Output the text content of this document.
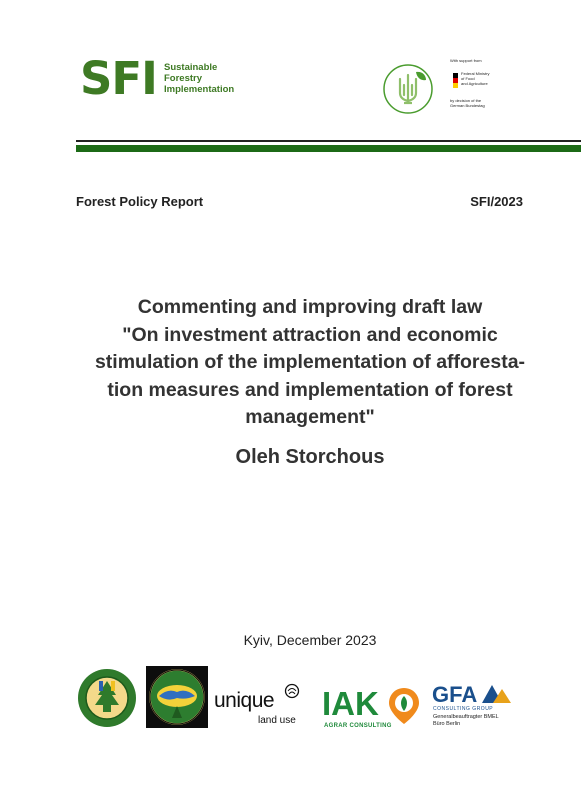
SFI Sustainable
Forestry
Implementation
With support from
Federal Ministry
of Food
and Agriculture
by decision of the
German Bundestag
Forest Policy Report	SFI/2023
Commenting and improving draft law
"On investment attraction and economic
stimulation of the implementation of afforesta-
tion measures and implementation of forest
management"
Oleh Storchous
Kyiv, December 2023
unique
land use IAK
AGRAR CONSULTING
GFA
CONSULTING GROUP
Generalbeauftragter BMEL
Büro Berlin
